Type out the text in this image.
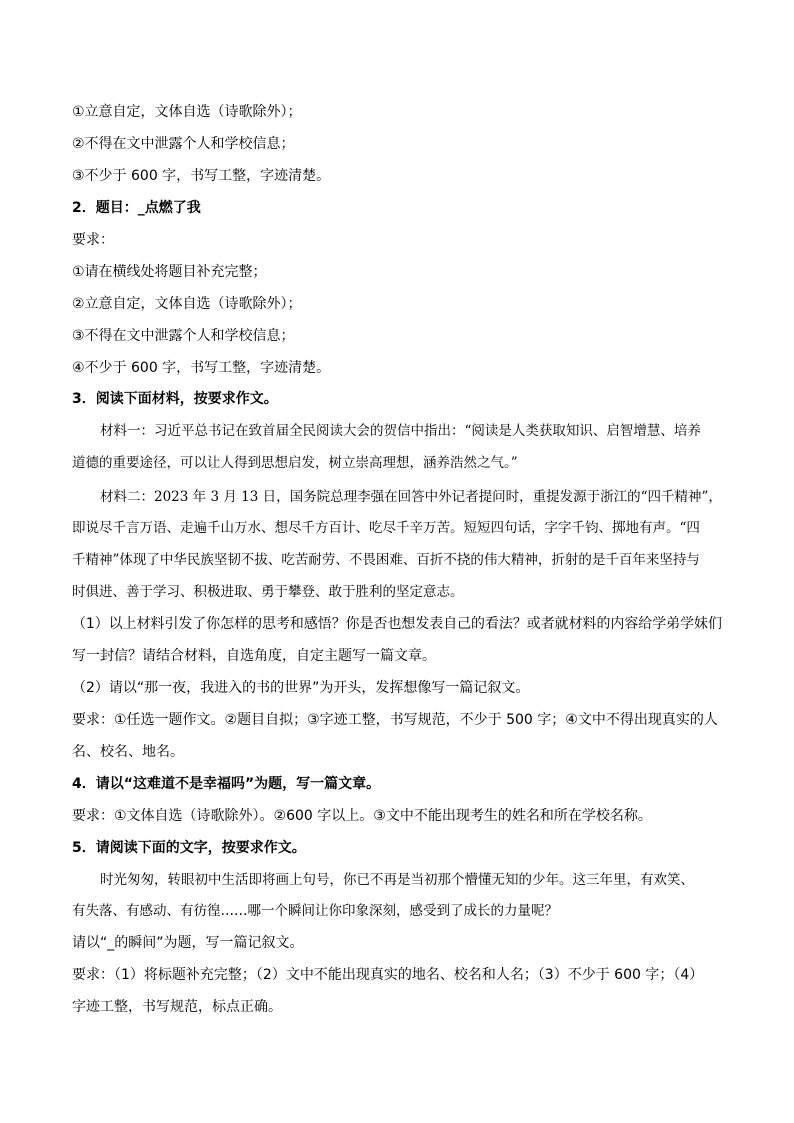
①立意自定，文体自选（诗歌除外）；
②不得在文中泄露个人和学校信息；
③不少于 600 字，书写工整，字迹清楚。
2．题目：_点燃了我
要求：
①请在横线处将题目补充完整；
②立意自定，文体自选（诗歌除外）；
③不得在文中泄露个人和学校信息；
④不少于 600 字，书写工整，字迹清楚。
3．阅读下面材料，按要求作文。
材料一：习近平总书记在致首届全民阅读大会的贺信中指出：“阅读是人类获取知识、启智增慧、培养
道德的重要途径，可以让人得到思想启发，树立崇高理想，涵养浩然之气。”
材料二：2023 年 3 月 13 日，国务院总理李强在回答中外记者提问时，重提发源于浙江的“四千精神”，
即说尽千言万语、走遍千山万水、想尽千方百计、吃尽千辛万苦。短短四句话，字字千钧、掷地有声。“四
千精神”体现了中华民族坚韧不拔、吃苦耐劳、不畏困难、百折不挠的伟大精神，折射的是千百年来坚持与
时俱进、善于学习、积极进取、勇于攀登、敢于胜利的坚定意志。
（1）以上材料引发了你怎样的思考和感悟？你是否也想发表自己的看法？或者就材料的内容给学弟学妹们
写一封信？请结合材料，自选角度，自定主题写一篇文章。
（2）请以“那一夜，我进入的书的世界”为开头，发挥想像写一篇记叙文。
要求：①任选一题作文。②题目自拟；③字迹工整，书写规范，不少于 500 字；④文中不得出现真实的人
名、校名、地名。
4．请以“这难道不是幸福吗”为题，写一篇文章。
要求：①文体自选（诗歌除外）。②600 字以上。③文中不能出现考生的姓名和所在学校名称。
5．请阅读下面的文字，按要求作文。
时光匆匆，转眼初中生活即将画上句号，你已不再是当初那个懵懂无知的少年。这三年里，有欢笑、
有失落、有感动、有彷徨……哪一个瞬间让你印象深刻，感受到了成长的力量呢？
请以“_的瞬间”为题，写一篇记叙文。
要求：（1）将标题补充完整；（2）文中不能出现真实的地名、校名和人名；（3）不少于 600 字；（4）
字迹工整，书写规范，标点正确。
